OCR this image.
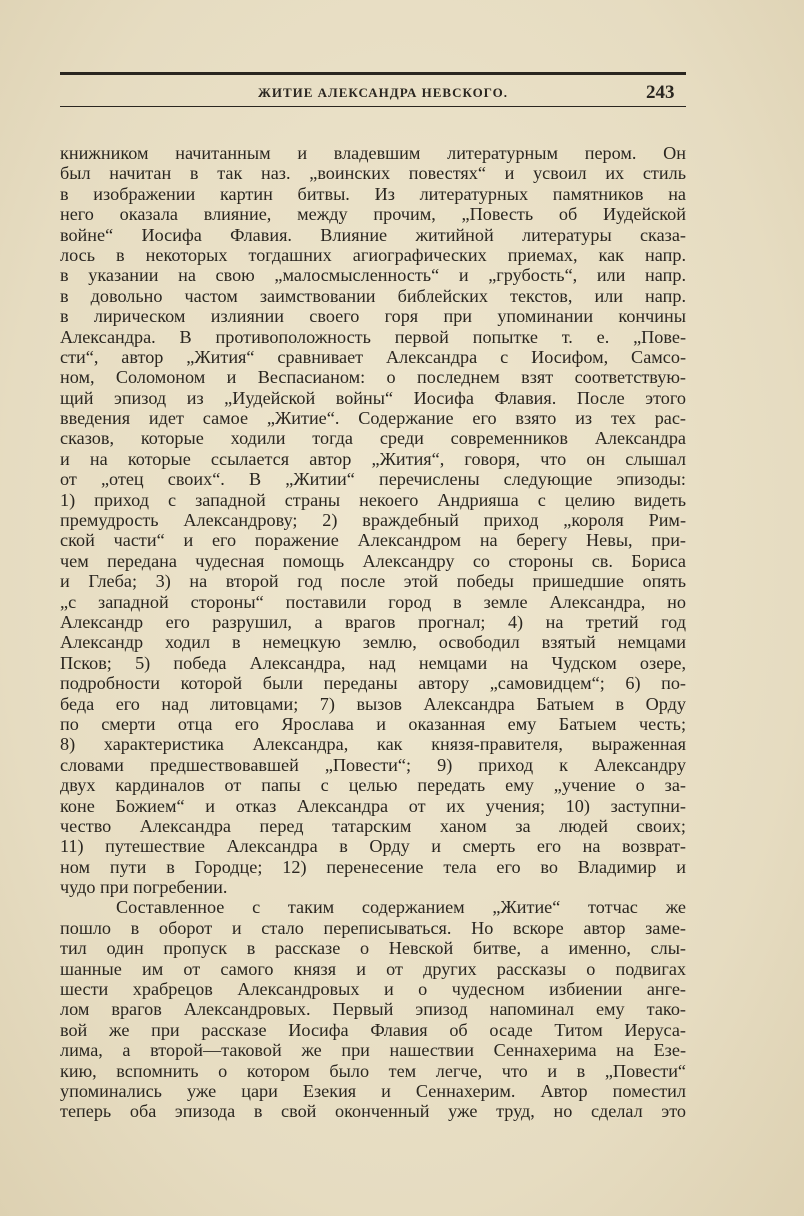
ЖИТИЕ АЛЕКСАНДРА НЕВСКОГО.	243
книжником начитанным и владевшим литературным пером. Он
был начитан в так наз. „воинских повестях“ и усвоил их стиль
в изображении картин битвы. Из литературных памятников на
него оказала влияние, между прочим, „Повесть об Иудейской
войне“ Иосифа Флавия. Влияние житийной литературы сказа-
лось в некоторых тогдашних агиографических приемах, как напр.
в указании на свою „малосмысленность“ и „грубость“, или напр.
в довольно частом заимствовании библейских текстов, или напр.
в лирическом излиянии своего горя при упоминании кончины
Александра. В противоположность первой попытке т. е. „Пове-
сти“, автор „Жития“ сравнивает Александра с Иосифом, Самсо-
ном, Соломоном и Веспасианом: о последнем взят соответствую-
щий эпизод из „Иудейской войны“ Иосифа Флавия. После этого
введения идет самое „Житие“. Содержание его взято из тех рас-
сказов, которые ходили тогда среди современников Александра
и на которые ссылается автор „Жития“, говоря, что он слышал
от „отец своих“. В „Житии“ перечислены следующие эпизоды:
1) приход с западной страны некоего Андрияша с целию видеть
премудрость Александрову; 2) враждебный приход „короля Рим-
ской части“ и его поражение Александром на берегу Невы, при-
чем передана чудесная помощь Александру со стороны св. Бориса
и Глеба; 3) на второй год после этой победы пришедшие опять
„с западной стороны“ поставили город в земле Александра, но
Александр его разрушил, а врагов прогнал; 4) на третий год
Александр ходил в немецкую землю, освободил взятый немцами
Псков; 5) победа Александра, над немцами на Чудском озере,
подробности которой были переданы автору „самовидцем“; 6) по-
беда его над литовцами; 7) вызов Александра Батыем в Орду
по смерти отца его Ярослава и оказанная ему Батыем честь;
8) характеристика Александра, как князя-правителя, выраженная
словами предшествовавшей „Повести“; 9) приход к Александру
двух кардиналов от папы с целью передать ему „учение о за-
коне Божием“ и отказ Александра от их учения; 10) заступни-
чество Александра перед татарским ханом за людей своих;
11) путешествие Александра в Орду и смерть его на возврат-
ном пути в Городце; 12) перенесение тела его во Владимир и
чудо при погребении.
Составленное с таким содержанием „Житие“ тотчас же
пошло в оборот и стало переписываться. Но вскоре автор заме-
тил один пропуск в рассказе о Невской битве, а именно, слы-
шанные им от самого князя и от других рассказы о подвигах
шести храбрецов Александровых и о чудесном избиении анге-
лом врагов Александровых. Первый эпизод напоминал ему тако-
вой же при рассказе Иосифа Флавия об осаде Титом Иеруса-
лима, а второй—таковой же при нашествии Сеннахерима на Езе-
кию, вспомнить о котором было тем легче, что и в „Повести“
упоминались уже цари Езекия и Сеннахерим. Автор поместил
теперь оба эпизода в свой оконченный уже труд, но сделал это
